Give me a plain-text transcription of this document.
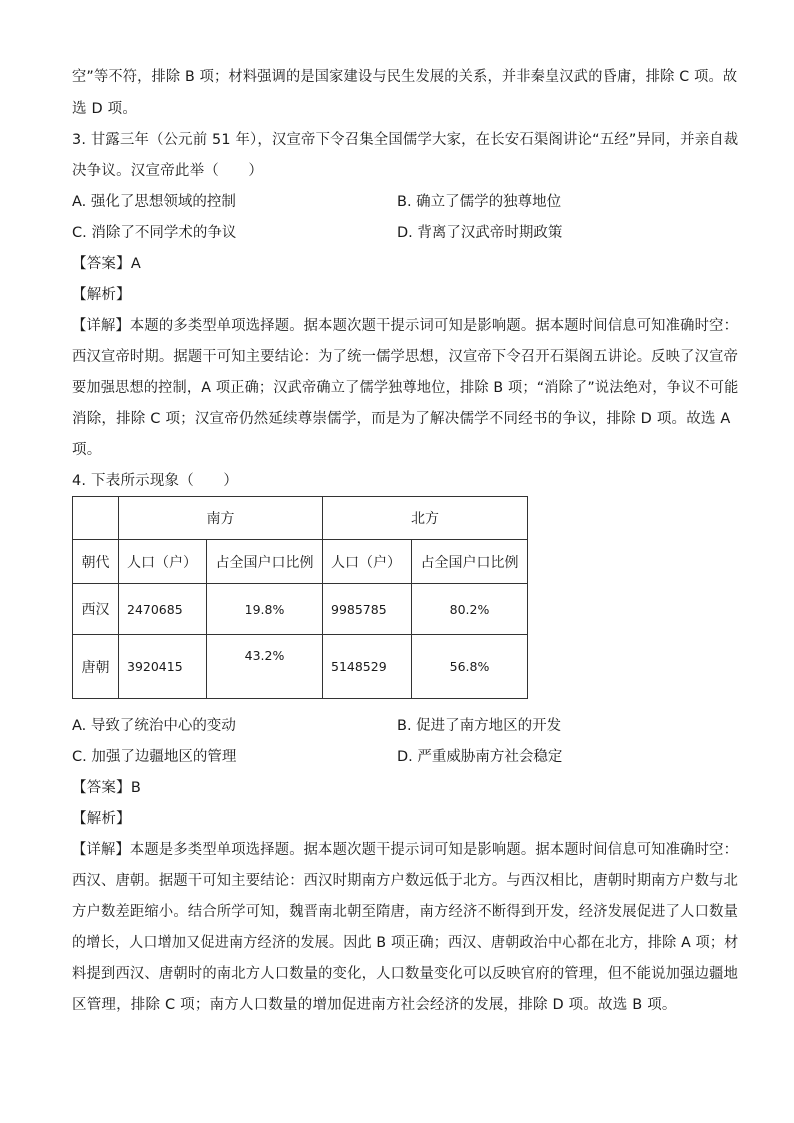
空”等不符，排除 B 项；材料强调的是国家建设与民生发展的关系，并非秦皇汉武的昏庸，排除 C 项。故
选 D 项。
3. 甘露三年（公元前 51 年），汉宣帝下令召集全国儒学大家，在长安石渠阁讲论“五经”异同，并亲自裁
决争议。汉宣帝此举（　　）
A. 强化了思想领域的控制	B. 确立了儒学的独尊地位
C. 消除了不同学术的争议	D. 背离了汉武帝时期政策
【答案】A
【解析】
【详解】本题的多类型单项选择题。据本题次题干提示词可知是影响题。据本题时间信息可知准确时空：
西汉宣帝时期。据题干可知主要结论：为了统一儒学思想，汉宣帝下令召开石渠阁五讲论。反映了汉宣帝
要加强思想的控制，A 项正确；汉武帝确立了儒学独尊地位，排除 B 项；“消除了”说法绝对，争议不可能
消除，排除 C 项；汉宣帝仍然延续尊崇儒学，而是为了解决儒学不同经书的争议，排除 D 项。故选 A
项。
4. 下表所示现象（　　）
	南方		北方	
朝代	人口（户）	占全国户口比例	人口（户）	占全国户口比例
西汉	2470685	19.8%	9985785	80.2%
唐朝	3920415	43.2%	5148529	56.8%
A. 导致了统治中心的变动	B. 促进了南方地区的开发
C. 加强了边疆地区的管理	D. 严重威胁南方社会稳定
【答案】B
【解析】
【详解】本题是多类型单项选择题。据本题次题干提示词可知是影响题。据本题时间信息可知准确时空：
西汉、唐朝。据题干可知主要结论：西汉时期南方户数远低于北方。与西汉相比，唐朝时期南方户数与北
方户数差距缩小。结合所学可知，魏晋南北朝至隋唐，南方经济不断得到开发，经济发展促进了人口数量
的增长，人口增加又促进南方经济的发展。因此 B 项正确；西汉、唐朝政治中心都在北方，排除 A 项；材
料提到西汉、唐朝时的南北方人口数量的变化，人口数量变化可以反映官府的管理，但不能说加强边疆地
区管理，排除 C 项；南方人口数量的增加促进南方社会经济的发展，排除 D 项。故选 B 项。
